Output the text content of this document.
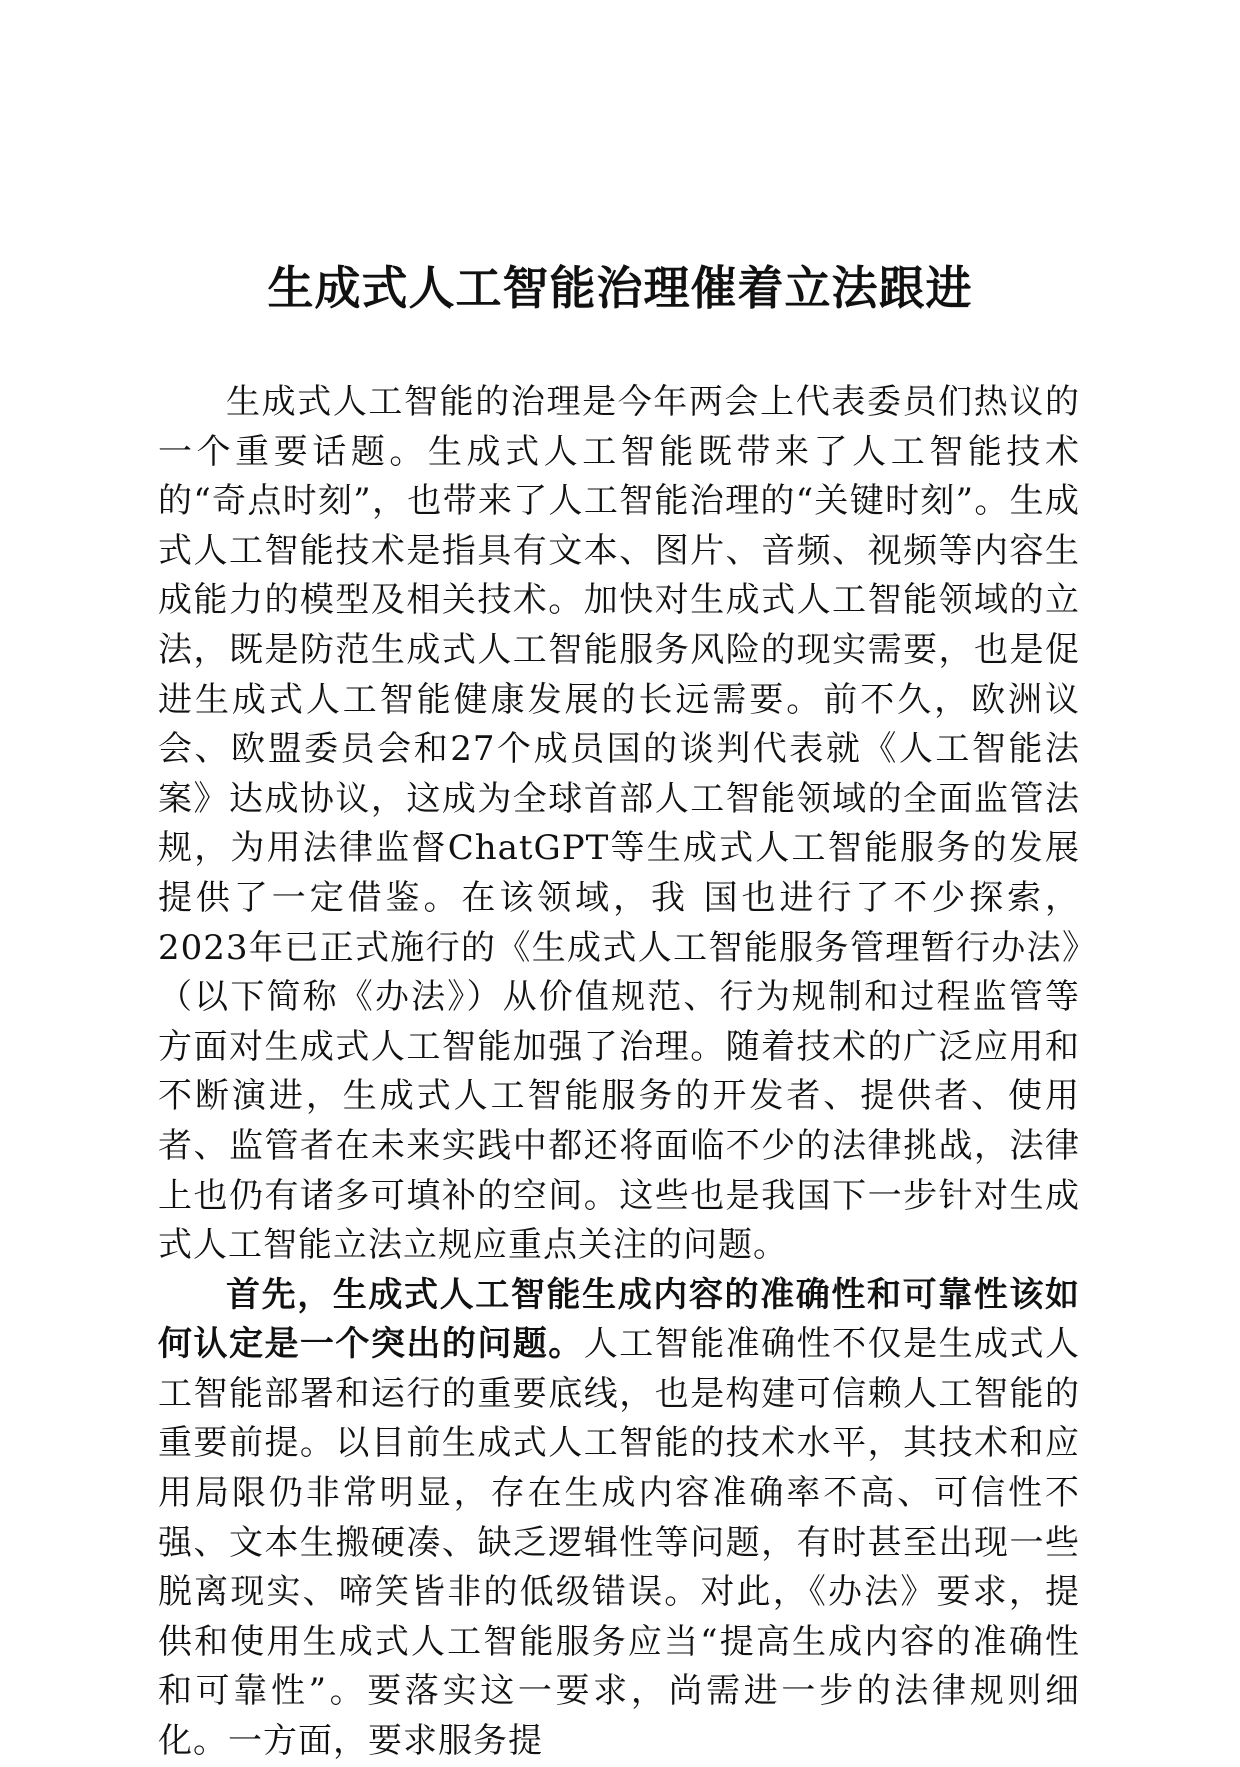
生成式人工智能治理催着立法跟进

生成式人工智能的治理是今年两会上代表委员们热议的一个重要话题。生成式人工智能既带来了人工智能技术的“奇点时刻”，也带来了人工智能治理的“关键时刻”。生成式人工智能技术是指具有文本、图片、音频、视频等内容生成能力的模型及相关技术。加快对生成式人工智能领域的立法，既是防范生成式人工智能服务风险的现实需要，也是促进生成式人工智能健康发展的长远需要。前不久，欧洲议会、欧盟委员会和27个成员国的谈判代表就《人工智能法案》达成协议，这成为全球首部人工智能领域的全面监管法规，为用法律监督ChatGPT等生成式人工智能服务的发展提供了一定借鉴。在该领域，我 国也进行了不少探索，2023年已正式施行的《生成式人工智能服务管理暂行办法》（以下简称《办法》）从价值规范、行为规制和过程监管等方面对生成式人工智能加强了治理。随着技术的广泛应用和不断演进，生成式人工智能服务的开发者、提供者、使用者、监管者在未来实践中都还将面临不少的法律挑战，法律上也仍有诸多可填补的空间。这些也是我国下一步针对生成式人工智能立法立规应重点关注的问题。

首先，生成式人工智能生成内容的准确性和可靠性该如何认定是一个突出的问题。人工智能准确性不仅是生成式人工智能部署和运行的重要底线，也是构建可信赖人工智能的重要前提。以目前生成式人工智能的技术水平，其技术和应用局限仍非常明显，存在生成内容准确率不高、可信性不强、文本生搬硬凑、缺乏逻辑性等问题，有时甚至出现一些脱离现实、啼笑皆非的低级错误。对此，《办法》要求，提供和使用生成式人工智能服务应当“提高生成内容的准确性和可靠性”。要落实这一要求，尚需进一步的法律规则细化。一方面，要求服务提
